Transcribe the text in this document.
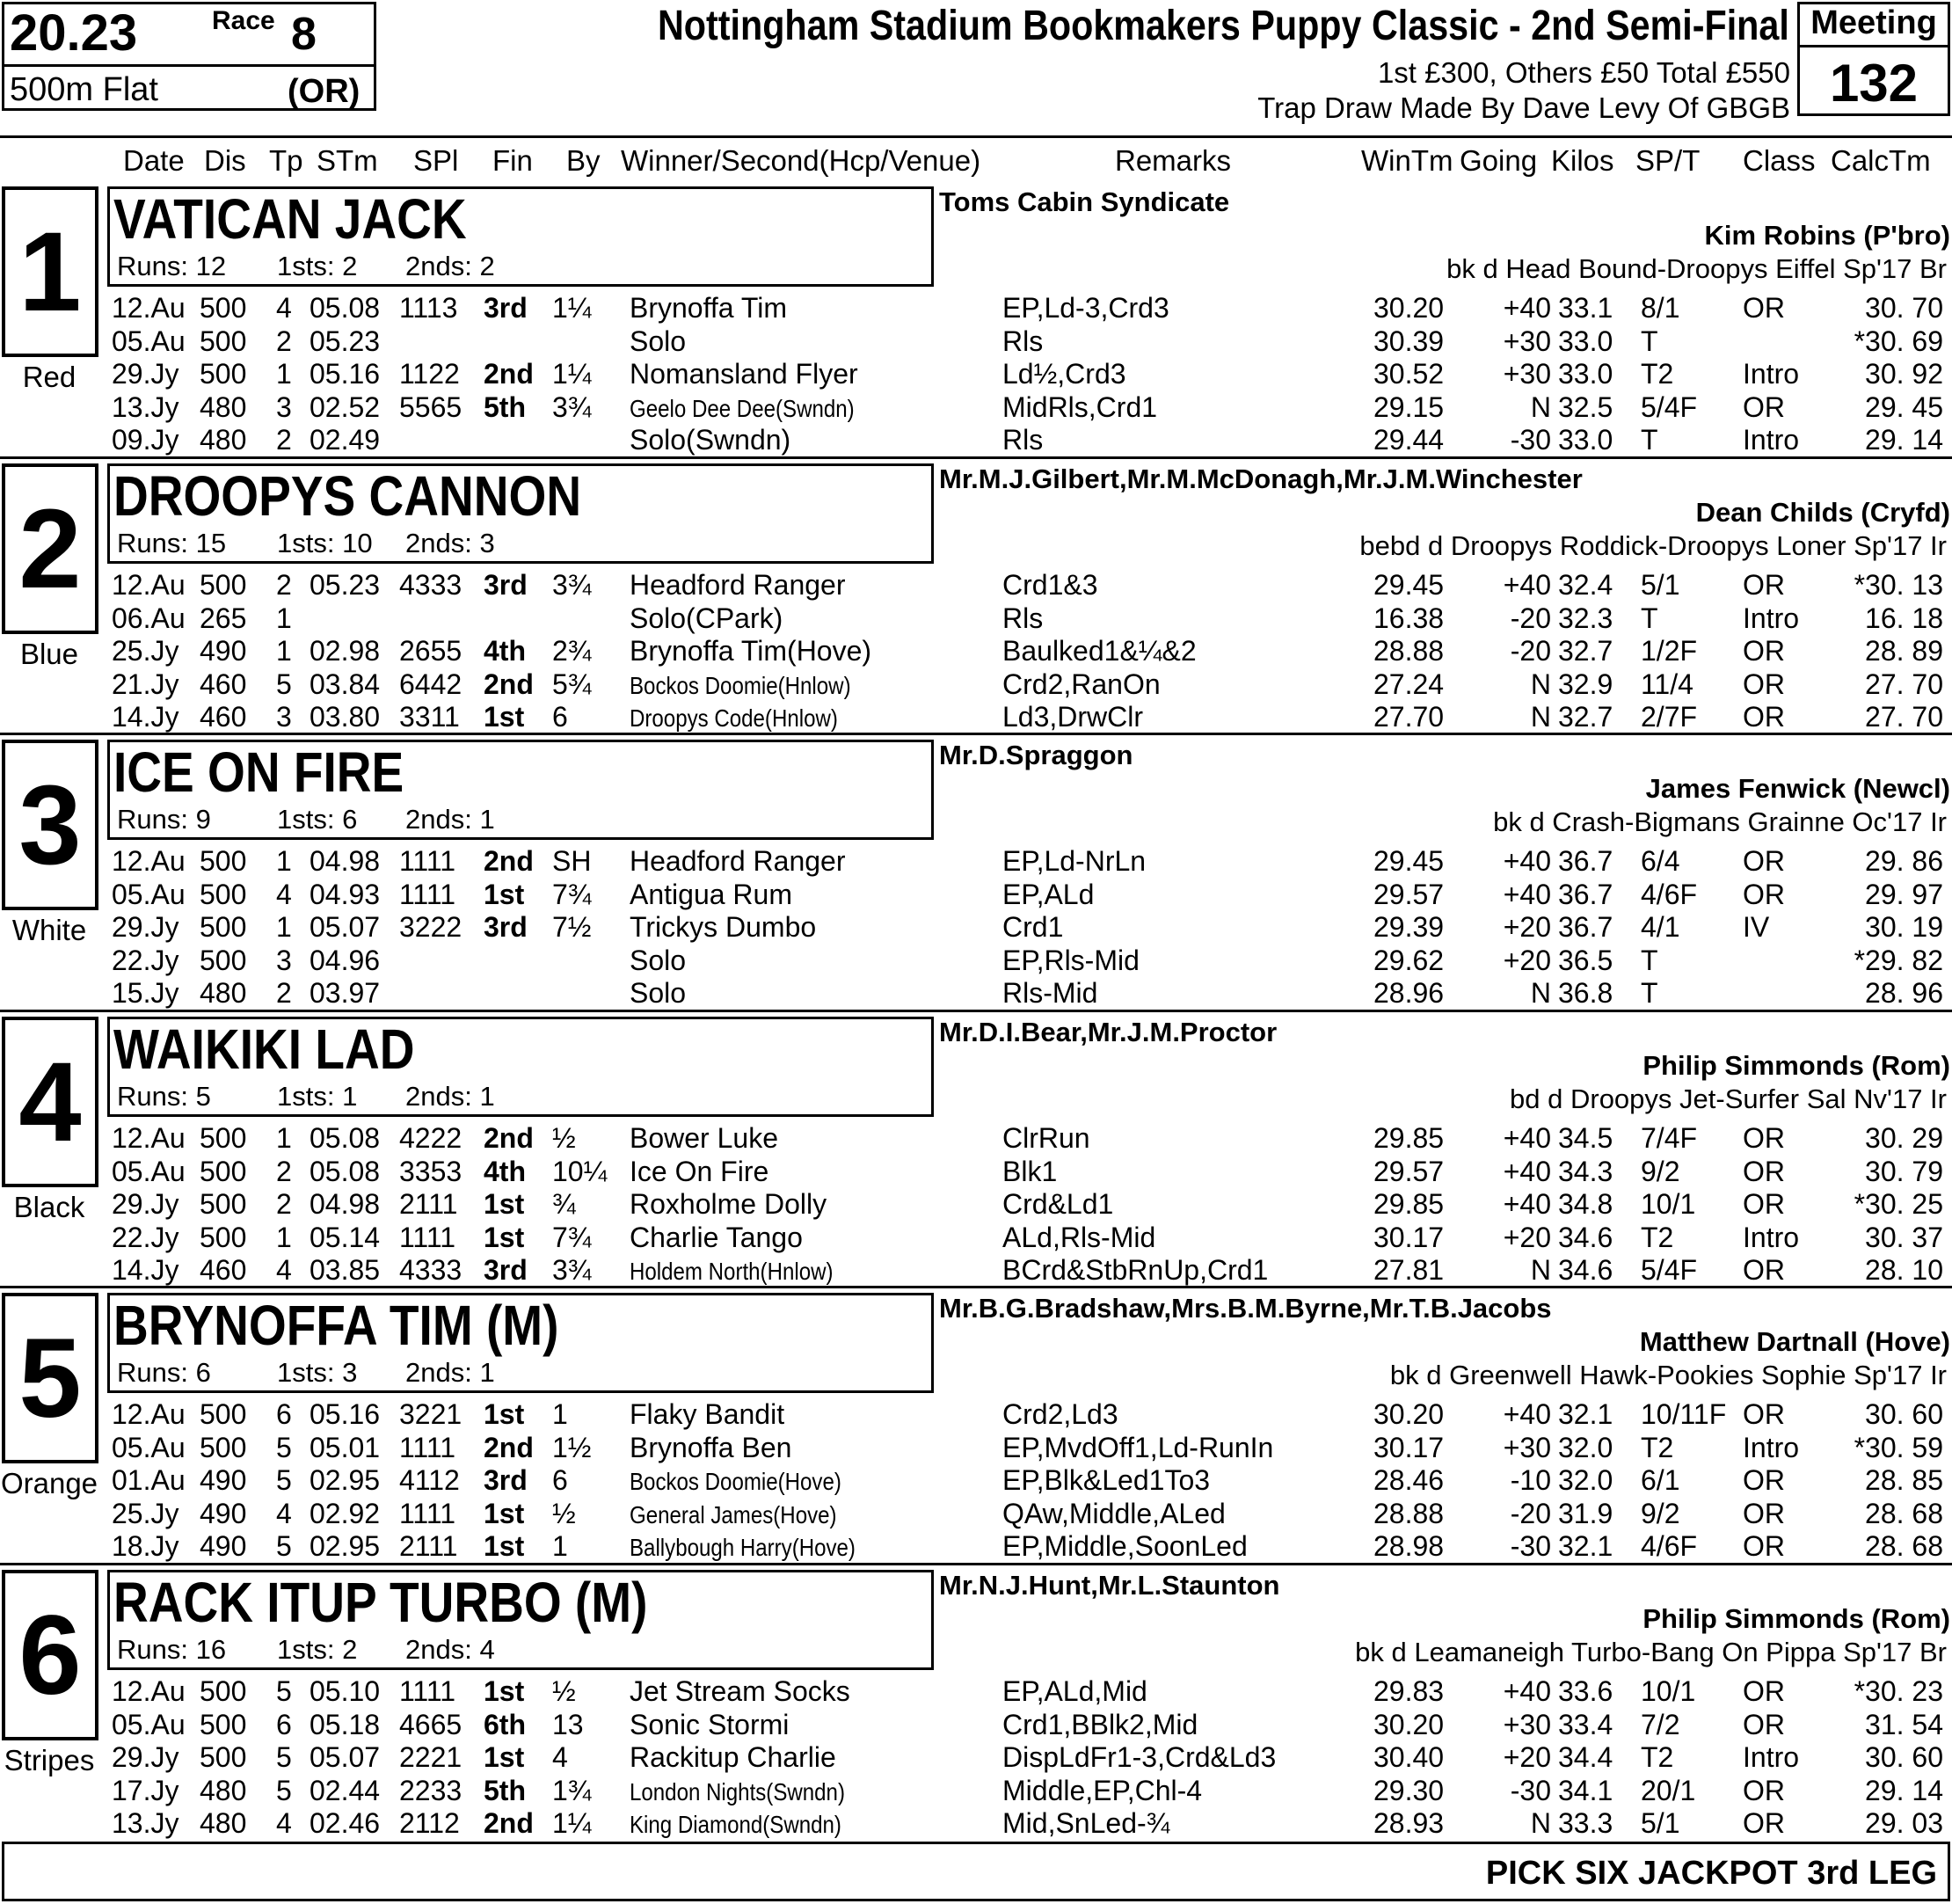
20.23	Race 8
500m Flat	(OR)
Nottingham Stadium Bookmakers Puppy Classic - 2nd Semi-Final
1st £300, Others £50 Total £550
Trap Draw Made By Dave Levy Of GBGB
Meeting
132
Date Dis Tp STm SPl Fin By Winner/Second(Hcp/Venue)	Remarks	WinTm Going Kilos SP/T Class CalcTm
1
Red
VATICAN JACK
Runs: 12 1sts: 2 2nds: 2
Toms Cabin Syndicate
Kim Robins (P'bro)
bk d Head Bound-Droopys Eiffel Sp'17 Br
12.Au 500 4 05.08 1113 3rd 1¼ Brynoffa Tim	EP,Ld-3,Crd3	30.20	+40 33.1 8/1 OR	30. 70
05.Au 500 2 05.23	Solo	Rls	30.39	+30 33.0 T	*30. 69
29.Jy 500 1 05.16 1122 2nd 1¼ Nomansland Flyer	Ld½,Crd3	30.52	+30 33.0 T2 Intro	30. 92
13.Jy 480 3 02.52 5565 5th 3¾ Geelo Dee Dee(Swndn)	MidRls,Crd1	29.15	N 32.5 5/4F OR	29. 45
09.Jy 480 2 02.49	Solo(Swndn)	Rls	29.44	-30 33.0 T	Intro	29. 14
2
Blue
DROOPYS CANNON
Runs: 15 1sts: 10 2nds: 3
Mr.M.J.Gilbert,Mr.M.McDonagh,Mr.J.M.Winchester
Dean Childs (Cryfd)
bebd d Droopys Roddick-Droopys Loner Sp'17 Ir
12.Au 500 2 05.23 4333 3rd 3¾ Headford Ranger	Crd1&3	29.45	+40 32.4 5/1 OR	*30. 13
06.Au 265 1	Solo(CPark)	Rls	16.38	-20 32.3 T	Intro	16. 18
25.Jy 490 1 02.98 2655 4th 2¾ Brynoffa Tim(Hove)	Baulked1&¼&2	28.88	-20 32.7 1/2F OR	28. 89
21.Jy 460 5 03.84 6442 2nd 5¾ Bockos Doomie(Hnlow)	Crd2,RanOn	27.24	N 32.9 11/4 OR	27. 70
14.Jy 460 3 03.80 3311 1st 6	Droopys Code(Hnlow)	Ld3,DrwClr	27.70	N 32.7 2/7F OR	27. 70
3
White
ICE ON FIRE
Runs: 9 1sts: 6 2nds: 1
Mr.D.Spraggon
James Fenwick (Newcl)
bk d Crash-Bigmans Grainne Oc'17 Ir
12.Au 500 1 04.98 1111 2nd SH Headford Ranger	EP,Ld-NrLn	29.45	+40 36.7 6/4 OR	29. 86
05.Au 500 4 04.93 1111 1st 7¾ Antigua Rum	EP,ALd	29.57	+40 36.7 4/6F OR	29. 97
29.Jy 500 1 05.07 3222 3rd 7½ Trickys Dumbo	Crd1	29.39	+20 36.7 4/1 IV	30. 19
22.Jy 500 3 04.96	Solo	EP,Rls-Mid	29.62	+20 36.5 T	*29. 82
15.Jy 480 2 03.97	Solo	Rls-Mid	28.96	N 36.8 T	28. 96
4
Black
WAIKIKI LAD
Runs: 5 1sts: 1 2nds: 1
Mr.D.I.Bear,Mr.J.M.Proctor
Philip Simmonds (Rom)
bd d Droopys Jet-Surfer Sal Nv'17 Ir
12.Au 500 1 05.08 4222 2nd ½ Bower Luke	ClrRun	29.85	+40 34.5 7/4F OR	30. 29
05.Au 500 2 05.08 3353 4th 10¼ Ice On Fire	Blk1	29.57	+40 34.3 9/2 OR	30. 79
29.Jy 500 2 04.98 2111 1st ¾ Roxholme Dolly	Crd&Ld1	29.85	+40 34.8 10/1 OR	*30. 25
22.Jy 500 1 05.14 1111 1st 7¾ Charlie Tango	ALd,Rls-Mid	30.17	+20 34.6 T2 Intro	30. 37
14.Jy 460 4 03.85 4333 3rd 3¾ Holdem North(Hnlow)	BCrd&StbRnUp,Crd1	27.81	N 34.6 5/4F OR	28. 10
5
Orange
BRYNOFFA TIM (M)
Runs: 6 1sts: 3 2nds: 1
Mr.B.G.Bradshaw,Mrs.B.M.Byrne,Mr.T.B.Jacobs
Matthew Dartnall (Hove)
bk d Greenwell Hawk-Pookies Sophie Sp'17 Ir
12.Au 500 6 05.16 3221 1st 1 Flaky Bandit	Crd2,Ld3	30.20	+40 32.1 10/11F OR	30. 60
05.Au 500 5 05.01 1111 2nd 1½ Brynoffa Ben	EP,MvdOff1,Ld-RunIn	30.17	+30 32.0 T2 Intro	*30. 59
01.Au 490 5 02.95 4112 3rd 6	Bockos Doomie(Hove)	EP,Blk&Led1To3	28.46	-10 32.0 6/1 OR	28. 85
25.Jy 490 4 02.92 1111 1st ½ General James(Hove)	QAw,Middle,ALed	28.88	-20 31.9 9/2 OR	28. 68
18.Jy 490 5 02.95 2111 1st 1	Ballybough Harry(Hove)	EP,Middle,SoonLed	28.98	-30 32.1 4/6F OR	28. 68
6
Stripes
RACK ITUP TURBO (M)
Runs: 16 1sts: 2 2nds: 4
Mr.N.J.Hunt,Mr.L.Staunton
Philip Simmonds (Rom)
bk d Leamaneigh Turbo-Bang On Pippa Sp'17 Br
12.Au 500 5 05.10 1111 1st ½ Jet Stream Socks	EP,ALd,Mid	29.83	+40 33.6 10/1 OR	*30. 23
05.Au 500 6 05.18 4665 6th 13 Sonic Stormi	Crd1,BBlk2,Mid	30.20	+30 33.4 7/2 OR	31. 54
29.Jy 500 5 05.07 2221 1st 4 Rackitup Charlie	DispLdFr1-3,Crd&Ld3	30.40	+20 34.4 T2 Intro	30. 60
17.Jy 480 5 02.44 2233 5th 1¾ London Nights(Swndn)	Middle,EP,Chl-4	29.30	-30 34.1 20/1 OR	29. 14
13.Jy 480 4 02.46 2112 2nd 1¼ King Diamond(Swndn)	Mid,SnLed-¾	28.93	N 33.3 5/1 OR	29. 03
PICK SIX JACKPOT 3rd LEG
